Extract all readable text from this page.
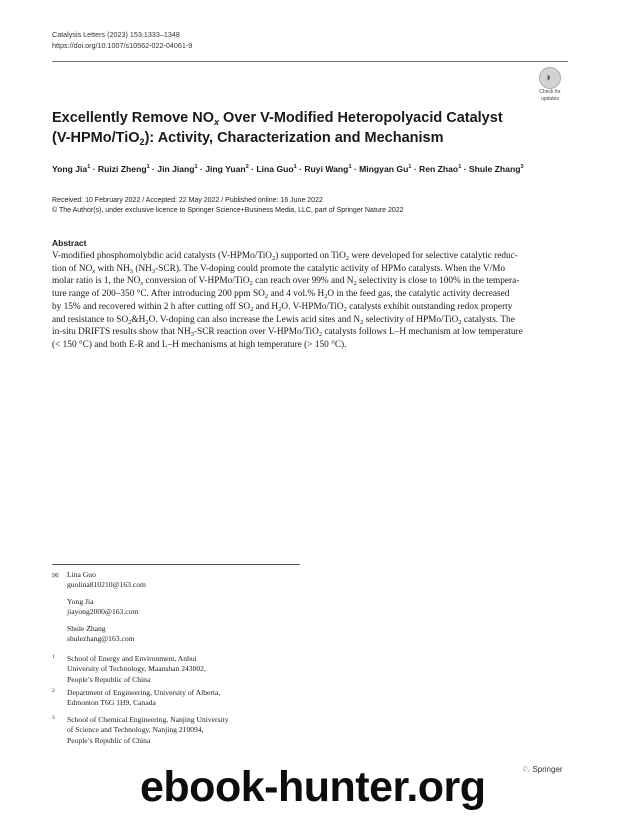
Catalysis Letters (2023) 153:1333–1348
https://doi.org/10.1007/s10562-022-04061-9
◑
Check for
updates
Excellently Remove $NO_x$ Over V-Modified Heteropolyacid Catalyst
(V-HPMo/TiO$_2$): Activity, Characterization and Mechanism
Yong Jia$^1$ · Ruizi Zheng$^1$ · Jin Jiang$^1$ · Jing Yuan$^2$ · Lina Guo$^1$ · Ruyi Wang$^1$ · Mingyan $Gu^1$ · Ren Zhao$^1$ · Shule Zhang$^3$
Received: 10 February 2022 / Accepted: 22 May 2022 / Published online: 16 June 2022
© The Author(s), under exclusive licence to Springer Science+Business Media, LLC, part of Springer Nature 2022
Abstract
V-modified phosphomolybdic acid catalysts (V-HPMo/TiO$_2$) supported on TiO$_2$ were developed for selective catalytic reduc-
tion of $NO_x$ with $NH_3$ $(NH_3-SCR)$. The V-doping could promote the catalytic activity of HPMo catalysts. When the V/Mo
molar ratio is 1, the $NO_x$ conversion of V-HPMo/TiO$_2$ can reach over 99% and $N_2$ selectivity is close to 100% in the tempera-
ture range of 200–350 °C. After introducing 200 ppm $SO_2$ and 4 vol.% $H_2O$ in the feed gas, the catalytic activity decreased
by 15% and recovered within 2 h after cutting off $SO_2$ and $H_2O$. V-HPMo/TiO$_2$ catalysts exhibit outstanding redox property
and resistance to $SO_2\&H_2O$. V-doping can also increase the Lewis acid sites and $N_2$ selectivity of HPMo/TiO$_2$ catalysts. The
in-situ DRIFTS results show that $NH_3$-SCR reaction over V-HPMo/TiO$_2$ catalysts follows L–H mechanism at low temperature
(< 150 °C) and both E-R and L–H mechanisms at high temperature (> 150 °C).
✉ Lina Guo
guolina810210@163.com
Yong Jia
jiayong2000@163.com
Shule Zhang
shulezhang@163.com
1 School of Energy and Environment, Anhui
University of Technology, Maanshan 243002,
People’s Republic of China
2 Department of Engineering, University of Alberta,
Edmonton T6G 1H9, Canada
3 School of Chemical Engineering, Nanjing University
of Science and Technology, Nanjing 210094,
People’s Republic of China
♘ Springer
ebook-hunter.org
